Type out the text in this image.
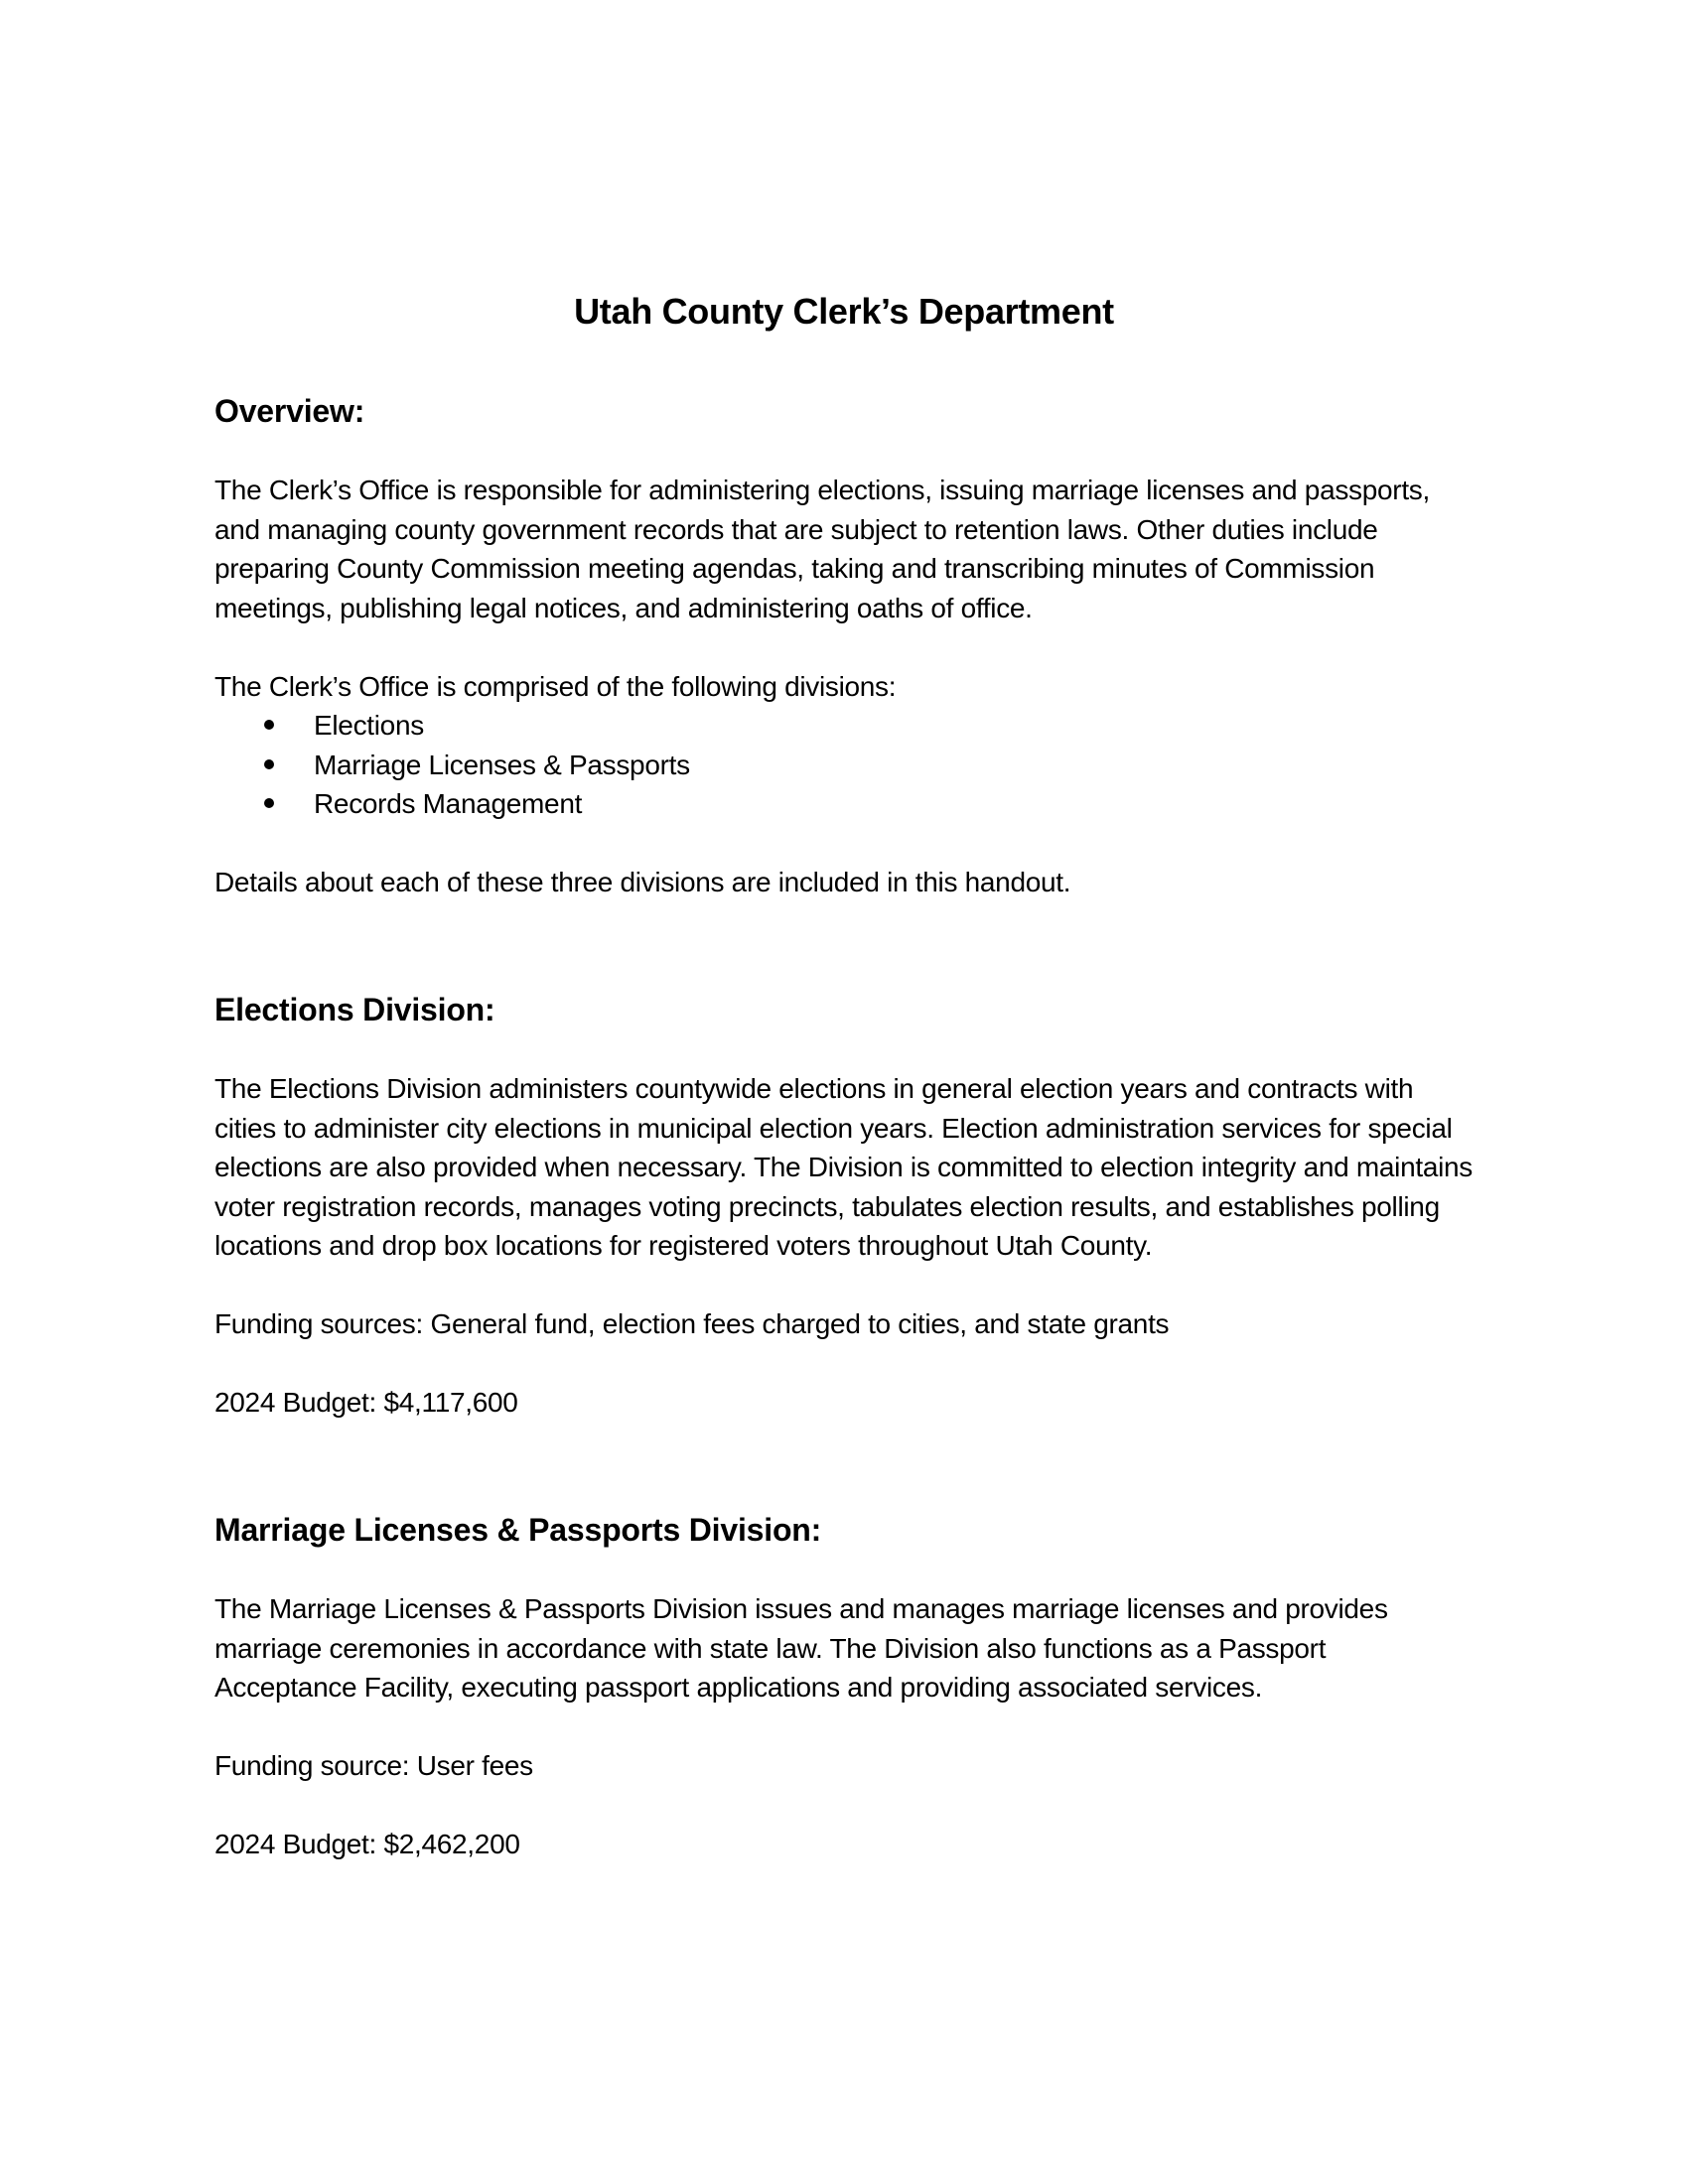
Utah County Clerk’s Department
Overview:

The Clerk’s Office is responsible for administering elections, issuing marriage licenses and passports, and managing county government records that are subject to retention laws. Other duties include preparing County Commission meeting agendas, taking and transcribing minutes of Commission meetings, publishing legal notices, and administering oaths of office.

The Clerk’s Office is comprised of the following divisions:

Elections
Marriage Licenses & Passports
Records Management

Details about each of these three divisions are included in this handout.

Elections Division:

The Elections Division administers countywide elections in general election years and contracts with cities to administer city elections in municipal election years. Election administration services for special elections are also provided when necessary. The Division is committed to election integrity and maintains voter registration records, manages voting precincts, tabulates election results, and establishes polling locations and drop box locations for registered voters throughout Utah County.

Funding sources: General fund, election fees charged to cities, and state grants

2024 Budget: $4,117,600

Marriage Licenses & Passports Division:

The Marriage Licenses & Passports Division issues and manages marriage licenses and provides marriage ceremonies in accordance with state law. The Division also functions as a Passport Acceptance Facility, executing passport applications and providing associated services.

Funding source: User fees

2024 Budget: $2,462,200
